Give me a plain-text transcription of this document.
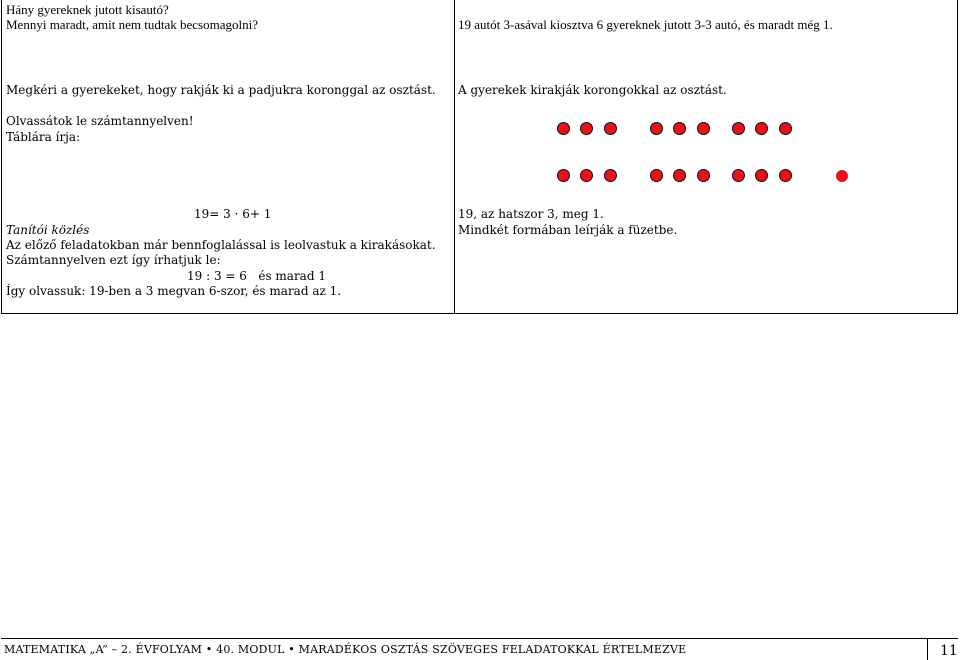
Hány gyereknek jutott kisautó?
Mennyi maradt, amit nem tudtak becsomagolni?	19 autót 3-asával kiosztva 6 gyereknek jutott 3-3 autó, és maradt még 1.
Megkéri a gyerekeket, hogy rakják ki a padjukra koronggal az osztást.
Olvassátok le számtannyelven!
Táblára írja:
A gyerekek kirakják korongokkal az osztást.
19= 3 · 6+ 1
Tanítói közlés
Az előző feladatokban már bennfoglalással is leolvastuk a kirakásokat.
Számtannyelven ezt így írhatjuk le:
19 : 3 = 6   és marad 1
Így olvassuk: 19-ben a 3 megvan 6-szor, és marad az 1.
19, az hatszor 3, meg 1.
Mindkét formában leírják a füzetbe.
MATEMATIKA „A” – 2. ÉVFOLYAM • 40. MODUL • MARADÉKOS OSZTÁS SZÖVEGES FELADATOKKAL ÉRTELMEZVE	11
